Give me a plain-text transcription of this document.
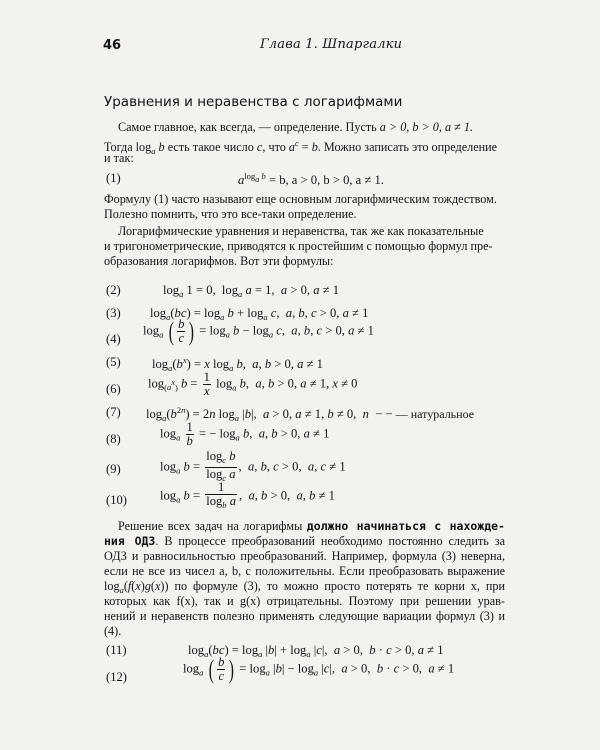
46	Глава 1. Шпаргалки
Уравнения и неравенства с логарифмами
Самое главное, как всегда, — определение. Пусть a > 0, b > 0, a ≠ 1.
Тогда $\log_a b$ есть такое число c, что $a^c = b$. Можно записать это определение
и так:
(1)	$a^{log_a b} = b$, a > 0, b > 0, a ≠ 1.
Формулу (1) часто называют еще основным логарифмическим тождеством.
Полезно помнить, что это все-таки определение.
Логарифмические уравнения и неравенства, так же как показательные
и тригонометрические, приводятся к простейшим с помощью формул пре-
образования логарифмов. Вот эти формулы:
(2)	$\log_a 1 = 0$,  $\log_a a = 1$,  a > 0, a ≠ 1
(3) $\log_a(bc) = \log_a b + \log_a c$,  a, b, c > 0, a ≠ 1
(4)
$\log_a$ ( $\frac{b}{c}$ ) = $\log_a b - \log_a c$,  a, b, c > 0, a ≠ 1
(5) $\log_a(b^x) = x$ $\log_a b$,  a, b > 0, a ≠ 1
(6) $\log_{(a^x)} b = \frac{1}{x} \log_a b$,  a, b > 0, a ≠ 1, x ≠ 0
(7) $\log_a(b^{2n}) = 2n$ $\log_a |b|$,  a > 0, a ≠ 1, b ≠ 0,  n  − − — натуральное
(8)	$\log_a \frac{1}{b}$ = − $\log_a b$,  a, b > 0, a ≠ 1
(9)	$\log_a b = \frac{\log_c b}{\log_c a}$ ,  a, b, c > 0,  a, c ≠ 1
(10)	$\log_a b = \frac{1}{\log_b a}$ ,  a, b > 0,  a, b ≠ 1
Решение всех задач на логарифмы должно начинаться с нахожде-
ния ОДЗ. В процессе преобразований необходимо постоянно следить за
ОДЗ и равносильностью преобразований. Например, формула (3) неверна,
если не все из чисел a, b, c положительны. Если преобразовать выражение
$\log_a(f(x)g(x))$ по формуле (3), то можно просто потерять те корни x, при
которых как f(x), так и g(x) отрицательны. Поэтому при решении урав-
нений и неравенств полезно применять следующие вариации формул (3) и
(4).
(11)	$\log_a(bc) = \log_a |b| + \log_a |c|$,  a > 0,  b · c > 0, a ≠ 1
(12)
$\log_a$ ( $\frac{b}{c}$ ) = $\log_a |b| - \log_a |c|$,  a > 0,  b · c > 0,  a ≠ 1
